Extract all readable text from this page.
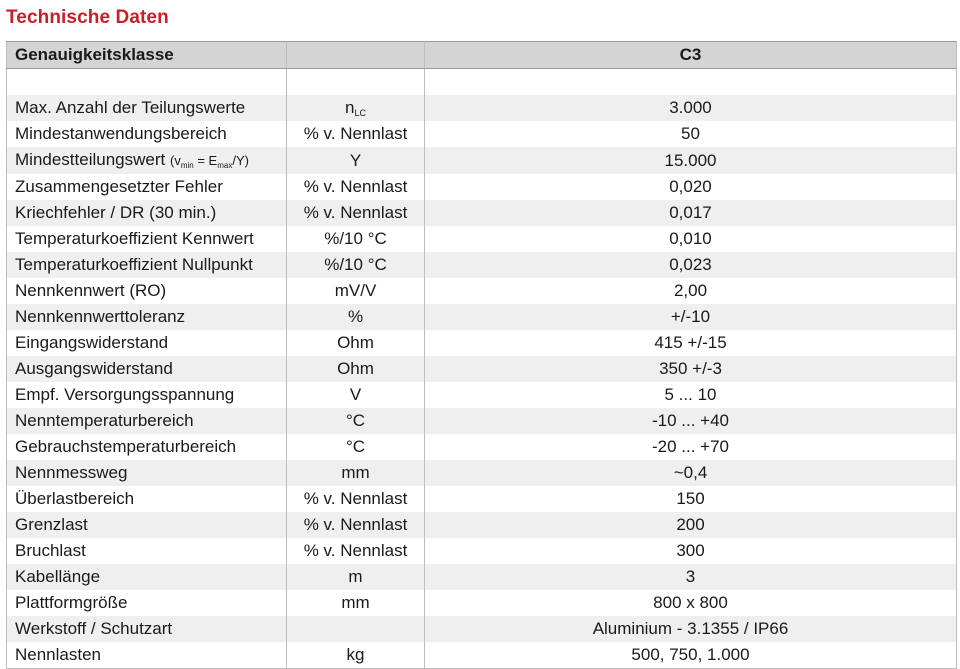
Technische Daten
Genauigkeitsklasse		C3

Max. Anzahl der Teilungswerte	$n_{LC}$	3.000
Mindestanwendungsbereich	% v. Nennlast	50
Mindestteilungswert $(v_{min} = E_{max}/Y)$	Y	15.000
Zusammengesetzter Fehler	% v. Nennlast	0,020
Kriechfehler / DR (30 min.)	% v. Nennlast	0,017
Temperaturkoeffizient Kennwert	%/10 °C	0,010
Temperaturkoeffizient Nullpunkt	%/10 °C	0,023
Nennkennwert (RO)	mV/V	2,00
Nennkennwerttoleranz	%	+/-10
Eingangswiderstand	Ohm	415 +/-15
Ausgangswiderstand	Ohm	350 +/-3
Empf. Versorgungsspannung	V	5 ... 10
Nenntemperaturbereich	°C	-10 ... +40
Gebrauchstemperaturbereich	°C	-20 ... +70
Nennmessweg	mm	~0,4
Überlastbereich	% v. Nennlast	150
Grenzlast	% v. Nennlast	200
Bruchlast	% v. Nennlast	300
Kabellänge	m	3
Plattformgröße	mm	800 x 800
Werkstoff / Schutzart		Aluminium - 3.1355 / IP66
Nennlasten	kg	500, 750, 1.000
